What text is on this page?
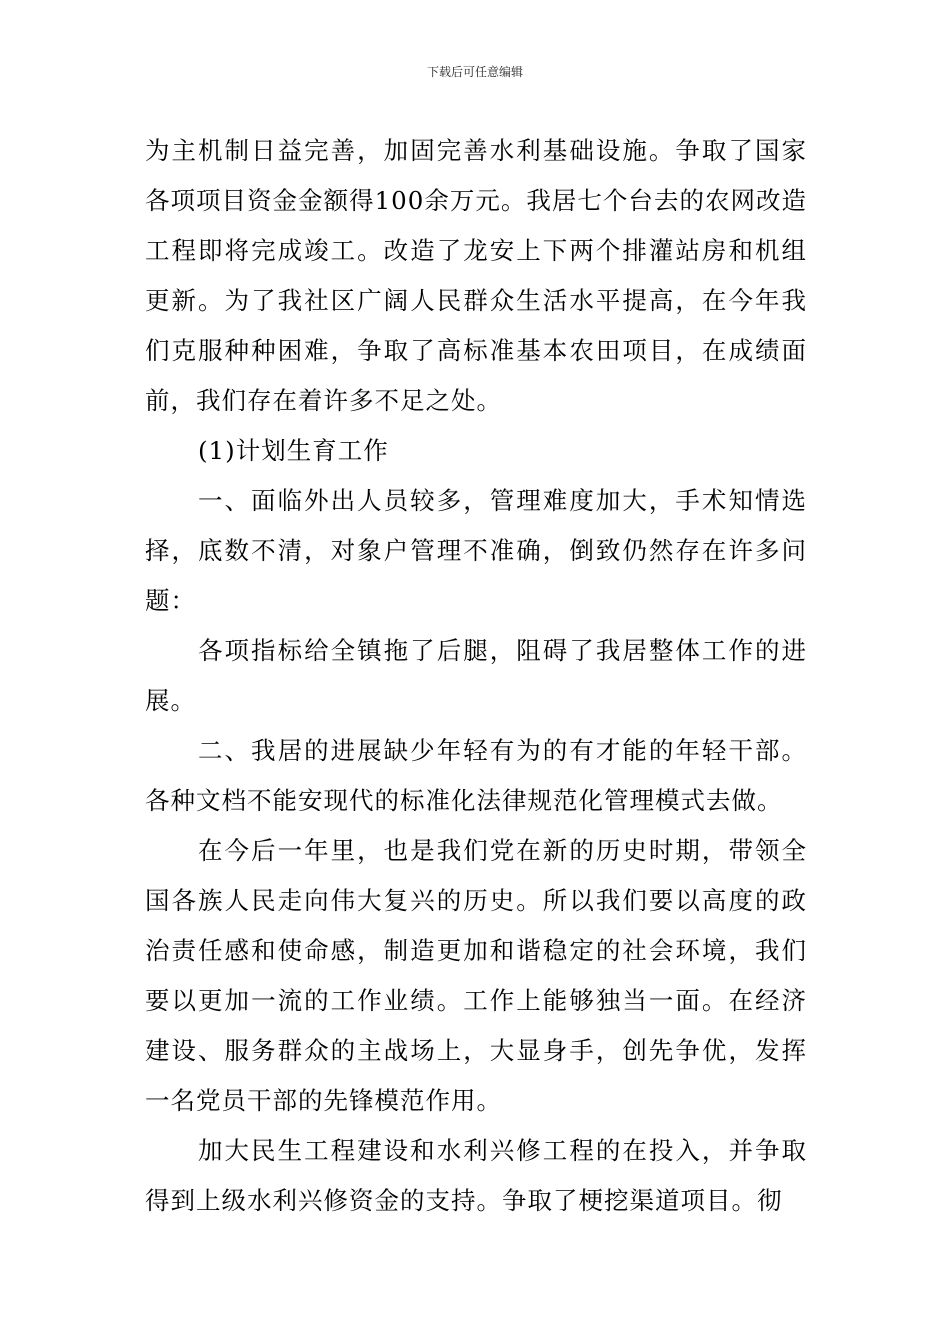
下载后可任意编辑

为主机制日益完善，加固完善水利基础设施。争取了国家各项项目资金金额得100余万元。我居七个台去的农网改造工程即将完成竣工。改造了龙安上下两个排灌站房和机组更新。为了我社区广阔人民群众生活水平提高，在今年我们克服种种困难，争取了高标准基本农田项目，在成绩面前，我们存在着许多不足之处。

(1)计划生育工作

一、面临外出人员较多，管理难度加大，手术知情选择，底数不清，对象户管理不准确，倒致仍然存在许多问题：

各项指标给全镇拖了后腿，阻碍了我居整体工作的进展。

二、我居的进展缺少年轻有为的有才能的年轻干部。各种文档不能安现代的标准化法律规范化管理模式去做。

在今后一年里，也是我们党在新的历史时期，带领全国各族人民走向伟大复兴的历史。所以我们要以高度的政治责任感和使命感，制造更加和谐稳定的社会环境，我们要以更加一流的工作业绩。工作上能够独当一面。在经济建设、服务群众的主战场上，大显身手，创先争优，发挥一名党员干部的先锋模范作用。

加大民生工程建设和水利兴修工程的在投入，并争取得到上级水利兴修资金的支持。争取了梗挖渠道项目。彻
